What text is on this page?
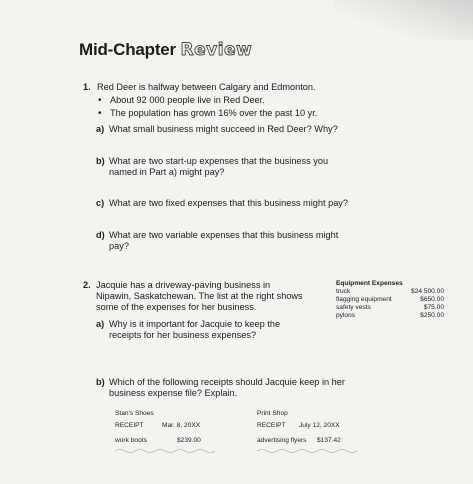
Mid-Chapter Review
1. Red Deer is halfway between Calgary and Edmonton.
• About 92 000 people live in Red Deer.
• The population has grown 16% over the past 10 yr.
a) What small business might succeed in Red Deer? Why?
b) What are two start-up expenses that the business you
named in Part a) might pay?
c) What are two fixed expenses that this business might pay?
d) What are two variable expenses that this business might
pay?
2. Jacquie has a driveway-paving business in
Nipawin, Saskatchewan. The list at the right shows
some of the expenses for her business.
a) Why is it important for Jacquie to keep the
receipts for her business expenses?
Equipment Expenses
truck	$24 500.00
flagging equipment	$650.00
safety vests	$75.00
pylons	$250.00
b) Which of the following receipts should Jacquie keep in her
business expense file? Explain.
Stan's Shoes
RECEIPT	Mar. 8, 20XX
work boots	$239.00
Print Shop
RECEIPT July 12, 20XX
advertising flyers $137.42
